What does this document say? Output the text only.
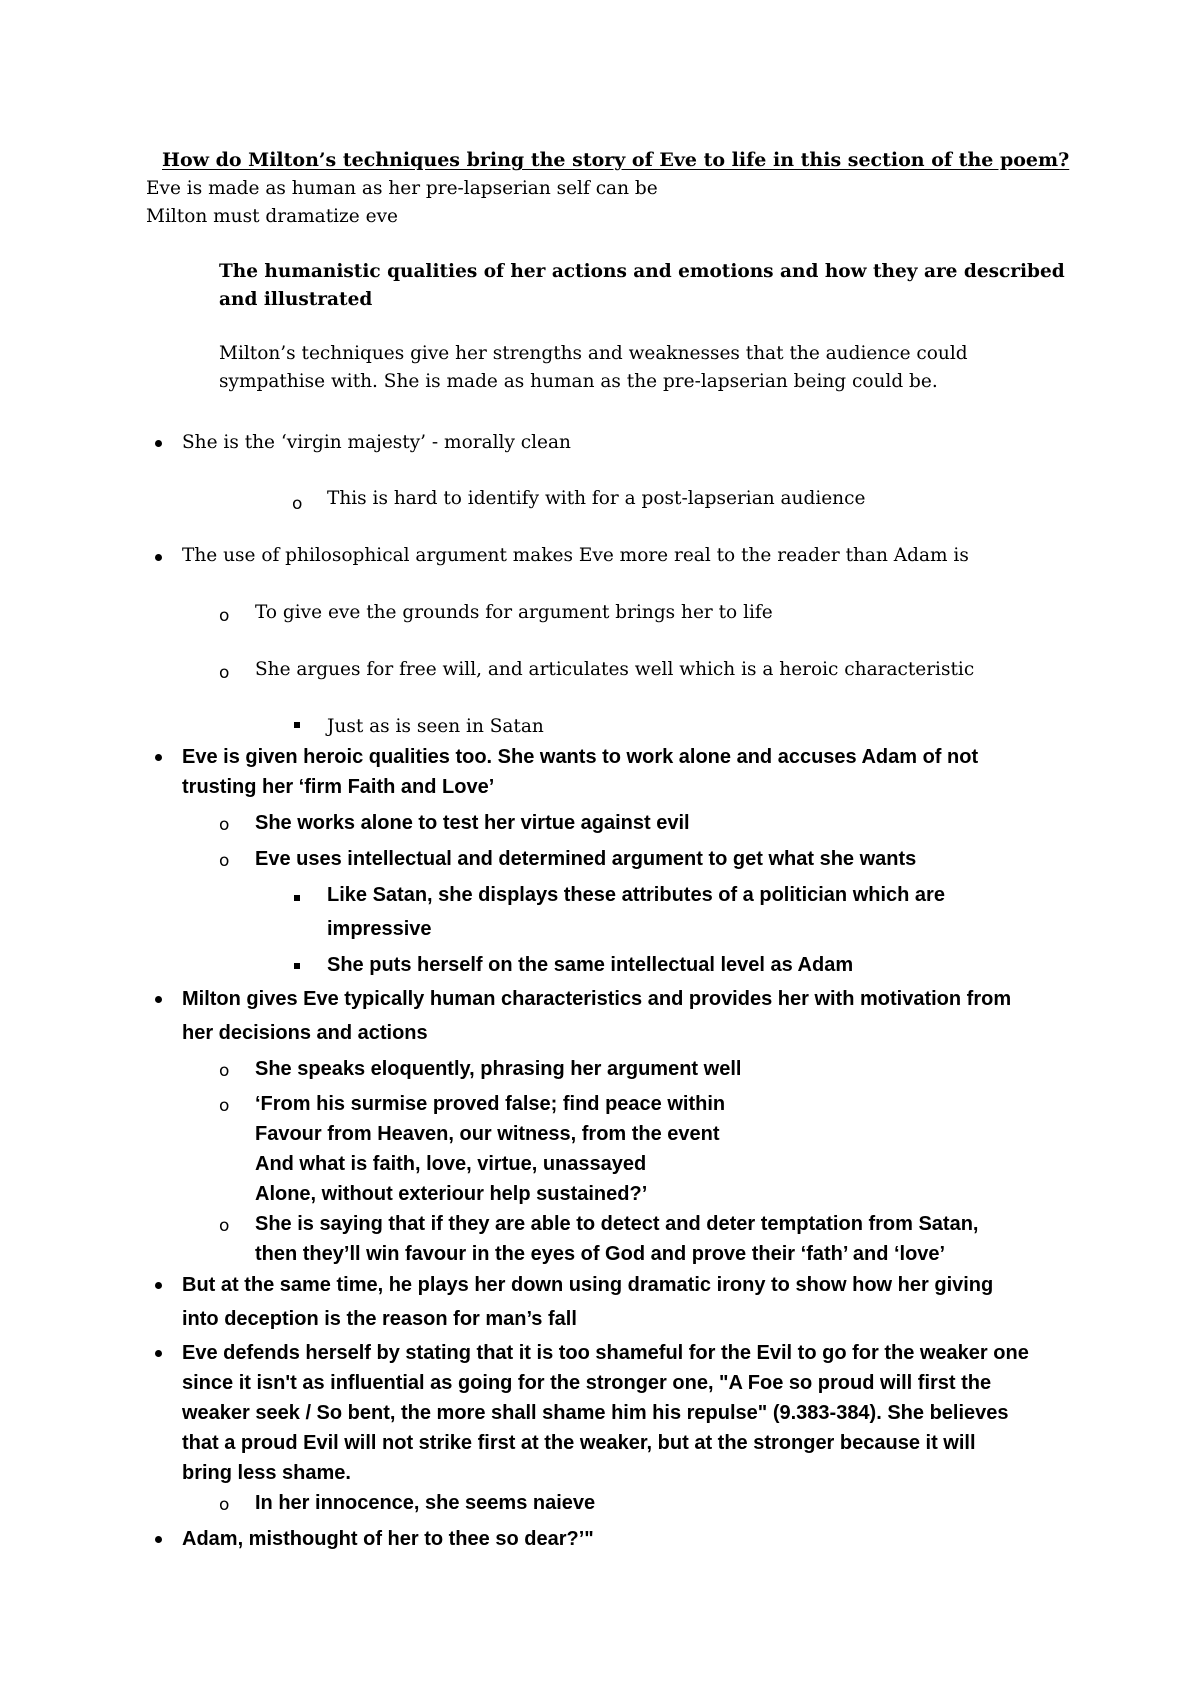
How do Milton’s techniques bring the story of Eve to life in this section of the poem?
Eve is made as human as her pre-lapserian self can be
Milton must dramatize eve
The humanistic qualities of her actions and emotions and how they are described and illustrated
Milton’s techniques give her strengths and weaknesses that the audience could sympathise with. She is made as human as the pre-lapserian being could be.
She is the ‘virgin majesty’ - morally clean
o This is hard to identify with for a post-lapserian audience
The use of philosophical argument makes Eve more real to the reader than Adam is
o To give eve the grounds for argument brings her to life
o She argues for free will, and articulates well which is a heroic characteristic
Just as is seen in Satan
Eve is given heroic qualities too. She wants to work alone and accuses Adam of not
trusting her ‘firm Faith and Love’
o She works alone to test her virtue against evil
o Eve uses intellectual and determined argument to get what she wants
Like Satan, she displays these attributes of a politician which are
impressive
She puts herself on the same intellectual level as Adam
Milton gives Eve typically human characteristics and provides her with motivation from
her decisions and actions
o She speaks eloquently, phrasing her argument well
o ‘From his surmise proved false; find peace within
Favour from Heaven, our witness, from the event
And what is faith, love, virtue, unassayed
Alone, without exteriour help sustained?’
o She is saying that if they are able to detect and deter temptation from Satan,
then they’ll win favour in the eyes of God and prove their ‘fath’ and ‘love’
But at the same time, he plays her down using dramatic irony to show how her giving
into deception is the reason for man’s fall
Eve defends herself by stating that it is too shameful for the Evil to go for the weaker one
since it isn't as influential as going for the stronger one, "A Foe so proud will first the
weaker seek / So bent, the more shall shame him his repulse" (9.383-384). She believes
that a proud Evil will not strike first at the weaker, but at the stronger because it will
bring less shame.
o In her innocence, she seems naieve
Adam, misthought of her to thee so dear?’"
